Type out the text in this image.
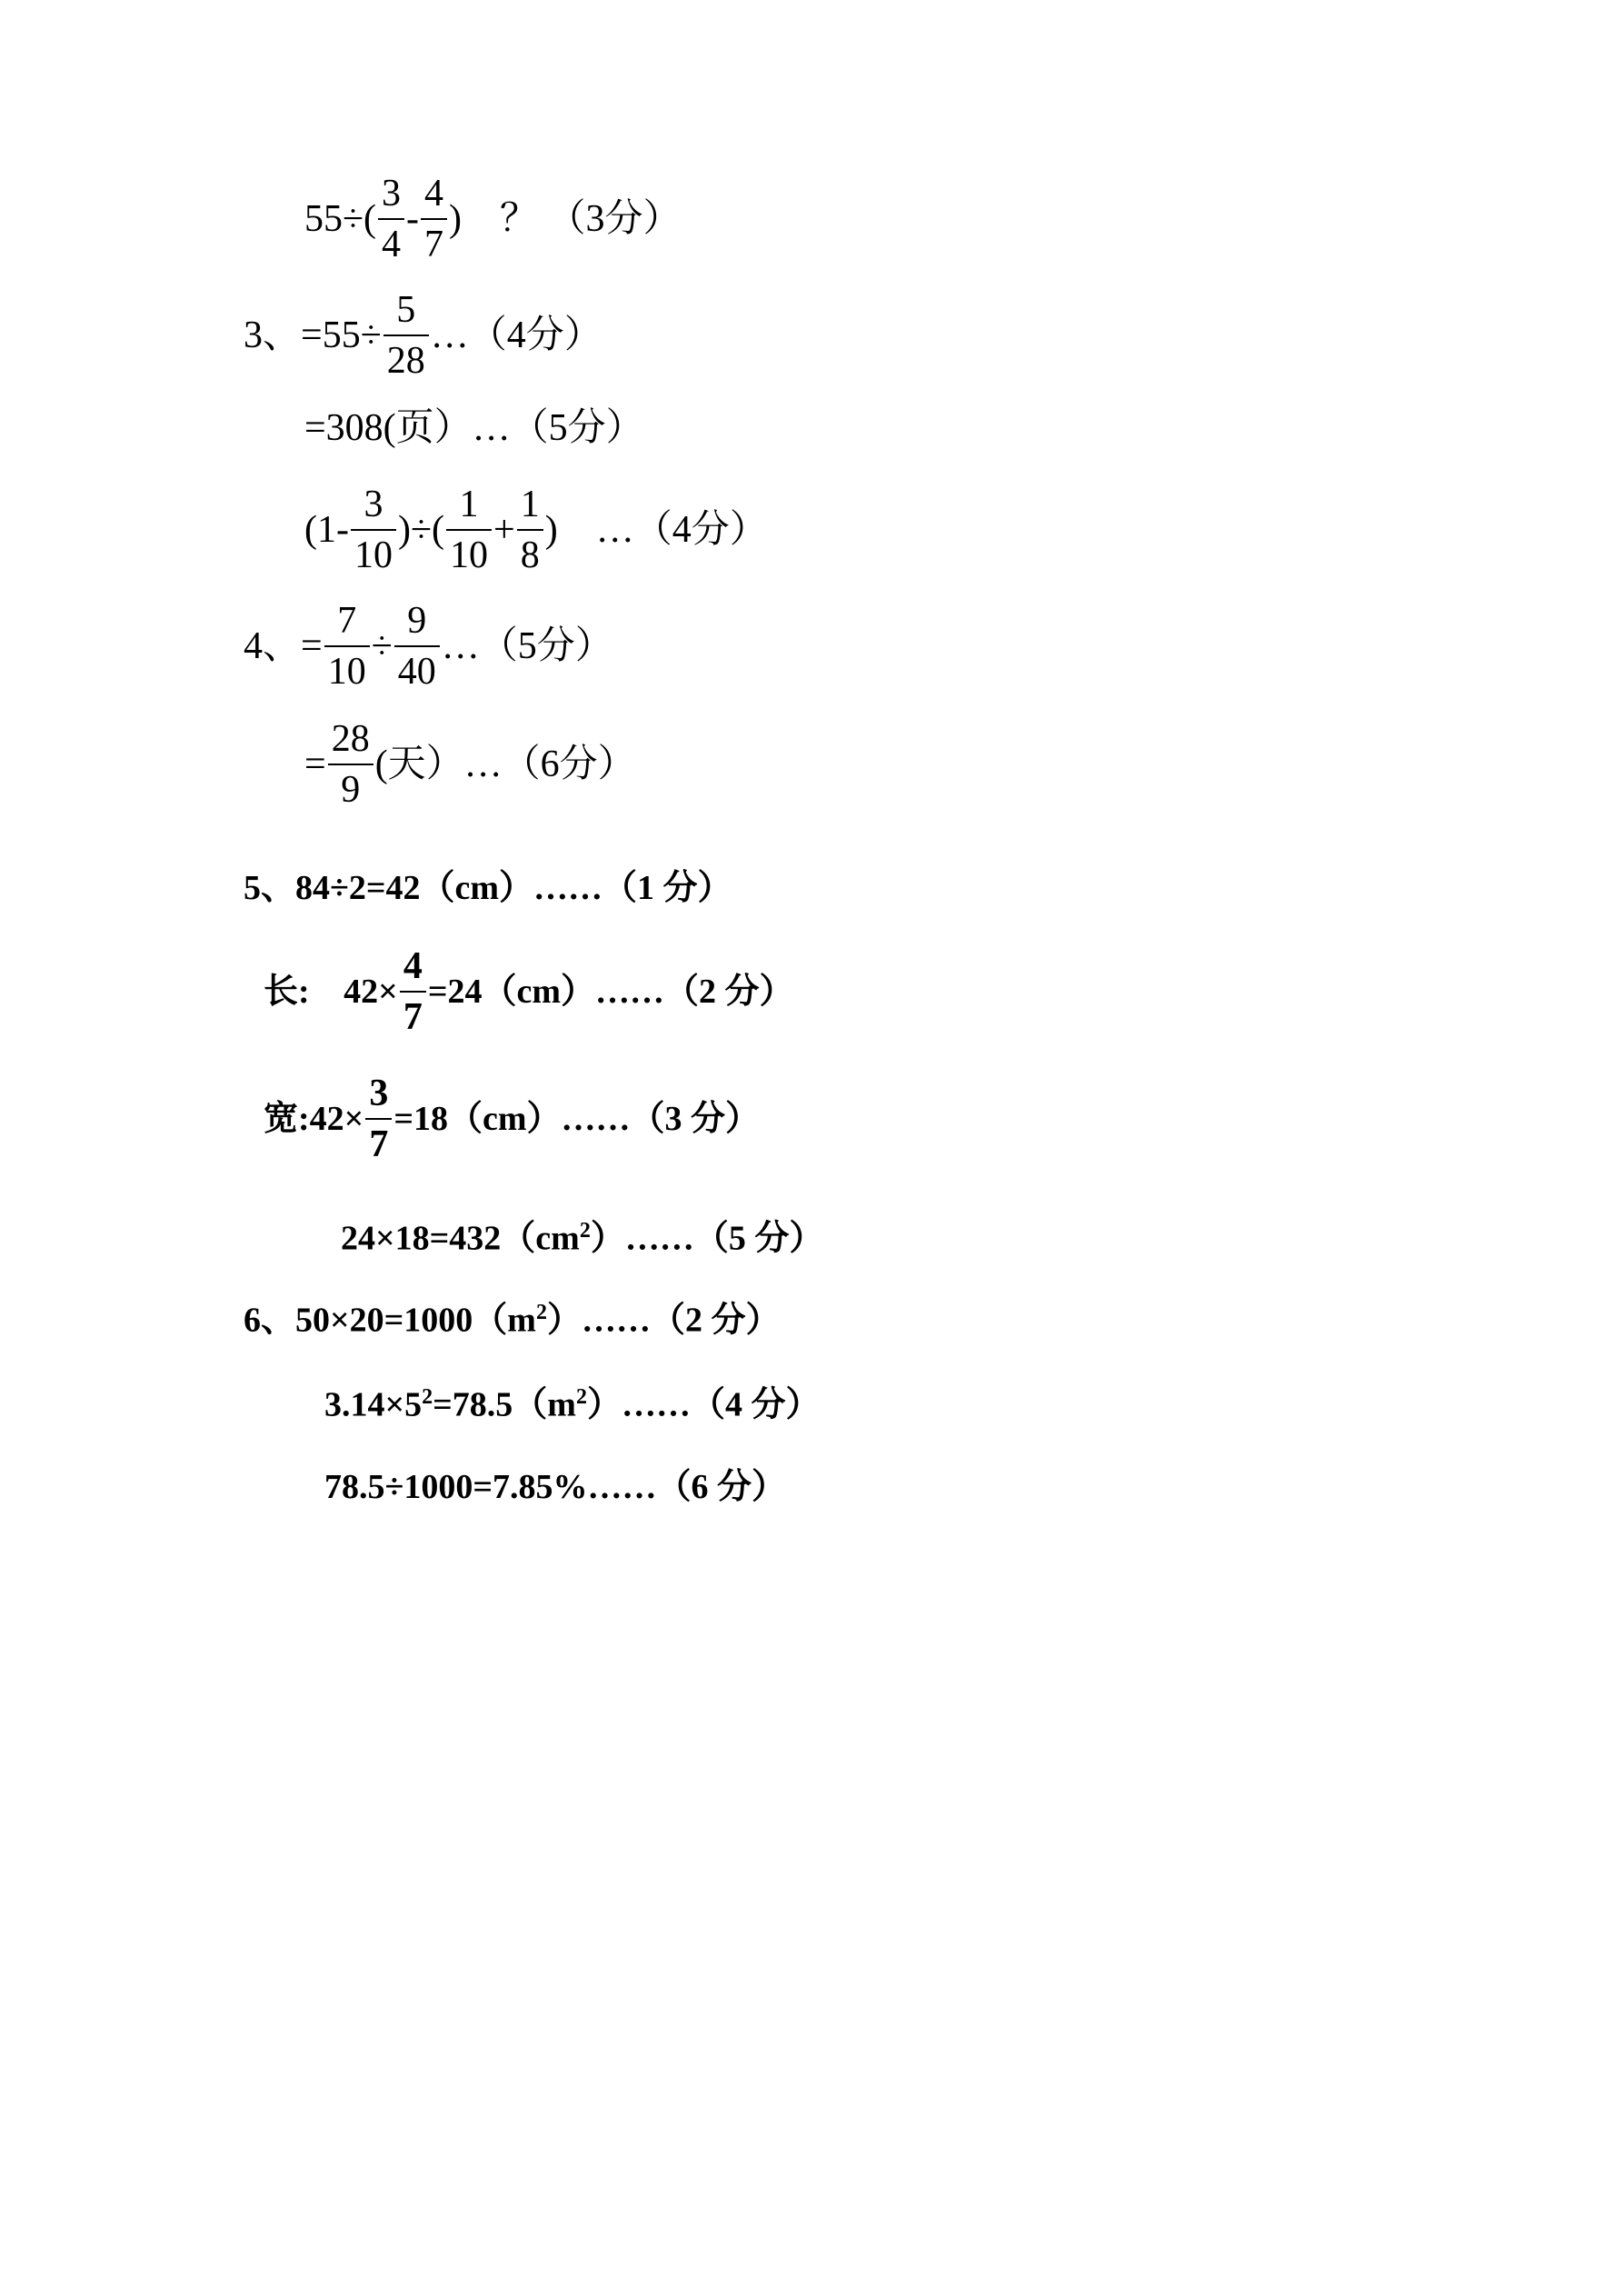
$55\div( \frac{3}{4} - \frac{4}{7}$ )　？ （3分）
3、$=55\div \frac{5}{28}$ …（4分）
=308(页）…（5分）
($1- \frac{3}{10}$ )÷( $\frac{1}{10} + \frac{1}{8}$ )　…（4分）
4、= $\frac{7}{10} \div \frac{9}{40}$ …（5分）
= $\frac{28}{9}$ (天）…（6分）
5、84÷2=42（cm）……（1 分）
长: $42\times \frac{4}{7}$ =24（cm）……（2 分）
宽:42× $\frac{3}{7}$ =18（cm）……（3 分）
$24\times 18=432(cm^2)\dots\dots(5$ 分）
6、$50\times 20=1000(m^2)\dots\dots(2$ 分）
$3.14\times 5^2=78.5(m^2)\dots\dots(4$ 分）
78.5÷1000=7.85%……（6 分）
